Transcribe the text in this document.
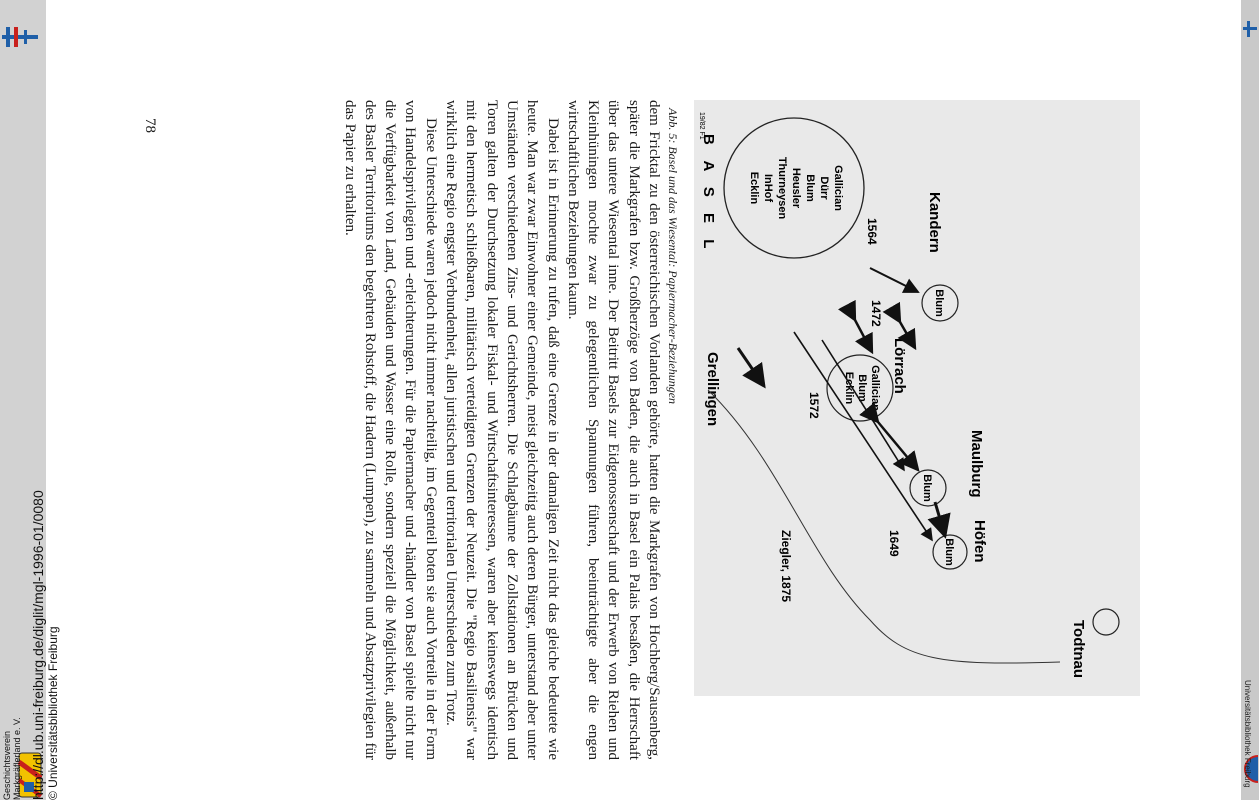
http://dl.ub.uni-freiburg.de/diglit/mgl-1996-01/0080 © Universitätsbibliothek Freiburg
Geschichtsverein Markgräflerland e. V.	Universitätsbibliothek Freiburg
78
B A S E L
19/82 F1
Gallician
Dürr
Blum
Heusler
Thurneysen
InHof
Ecklin
Kandern
Blum
1564
Lörrach
Gallician
Blum
Ecklin
1472
Maulburg
Blum
1572
Höfen
Blum
1649
Grellingen
Ziegler, 1875
Todtnau
Abb. 5: Basel und das Wiesental: Papiermacher-Beziehungen

dem Fricktal zu den österreichischen Vorlanden gehörte, hatten die Markgrafen von Hochberg/Sausenberg, später die Markgrafen bzw. Großherzöge von Baden, die auch in Basel ein Palais besaßen, die Herrschaft über das untere Wiesental inne. Der Beitritt Basels zur Eidgenossenschaft und der Erwerb von Riehen und Kleinhüningen mochte zwar zu gelegentlichen Spannungen führen, beeinträchtigte aber die engen wirtschaftlichen Beziehungen kaum.

Dabei ist in Erinnerung zu rufen, daß eine Grenze in der damaligen Zeit nicht das gleiche bedeutete wie heute. Man war zwar Einwohner einer Gemeinde, meist gleichzeitig auch deren Bürger, unterstand aber unter Umständen verschiedenen Zins- und Gerichtsherren. Die Schlagbäume der Zollstationen an Brücken und Toren galten der Durchsetzung lokaler Fiskal- und Wirtschaftsinteressen, waren aber keineswegs identisch mit den hermetisch schließbaren, militärisch verteidigten Grenzen der Neuzeit. Die "Regio Basiliensis" war wirklich eine Regio engster Verbundenheit, allen juristischen und territorialen Unterschieden zum Trotz.

Diese Unterschiede waren jedoch nicht immer nachteilig, im Gegenteil boten sie auch Vorteile in der Form von Handelsprivilegien und -erleichterungen. Für die Papiermacher und -händler von Basel spielte nicht nur die Verfügbarkeit von Land, Gebäuden und Wasser eine Rolle, sondern speziell die Möglichkeit, außerhalb des Basler Territoriums den begehrten Rohstoff, die Hadern (Lumpen), zu sammeln und Absatzprivilegien für das Papier zu erhalten.
